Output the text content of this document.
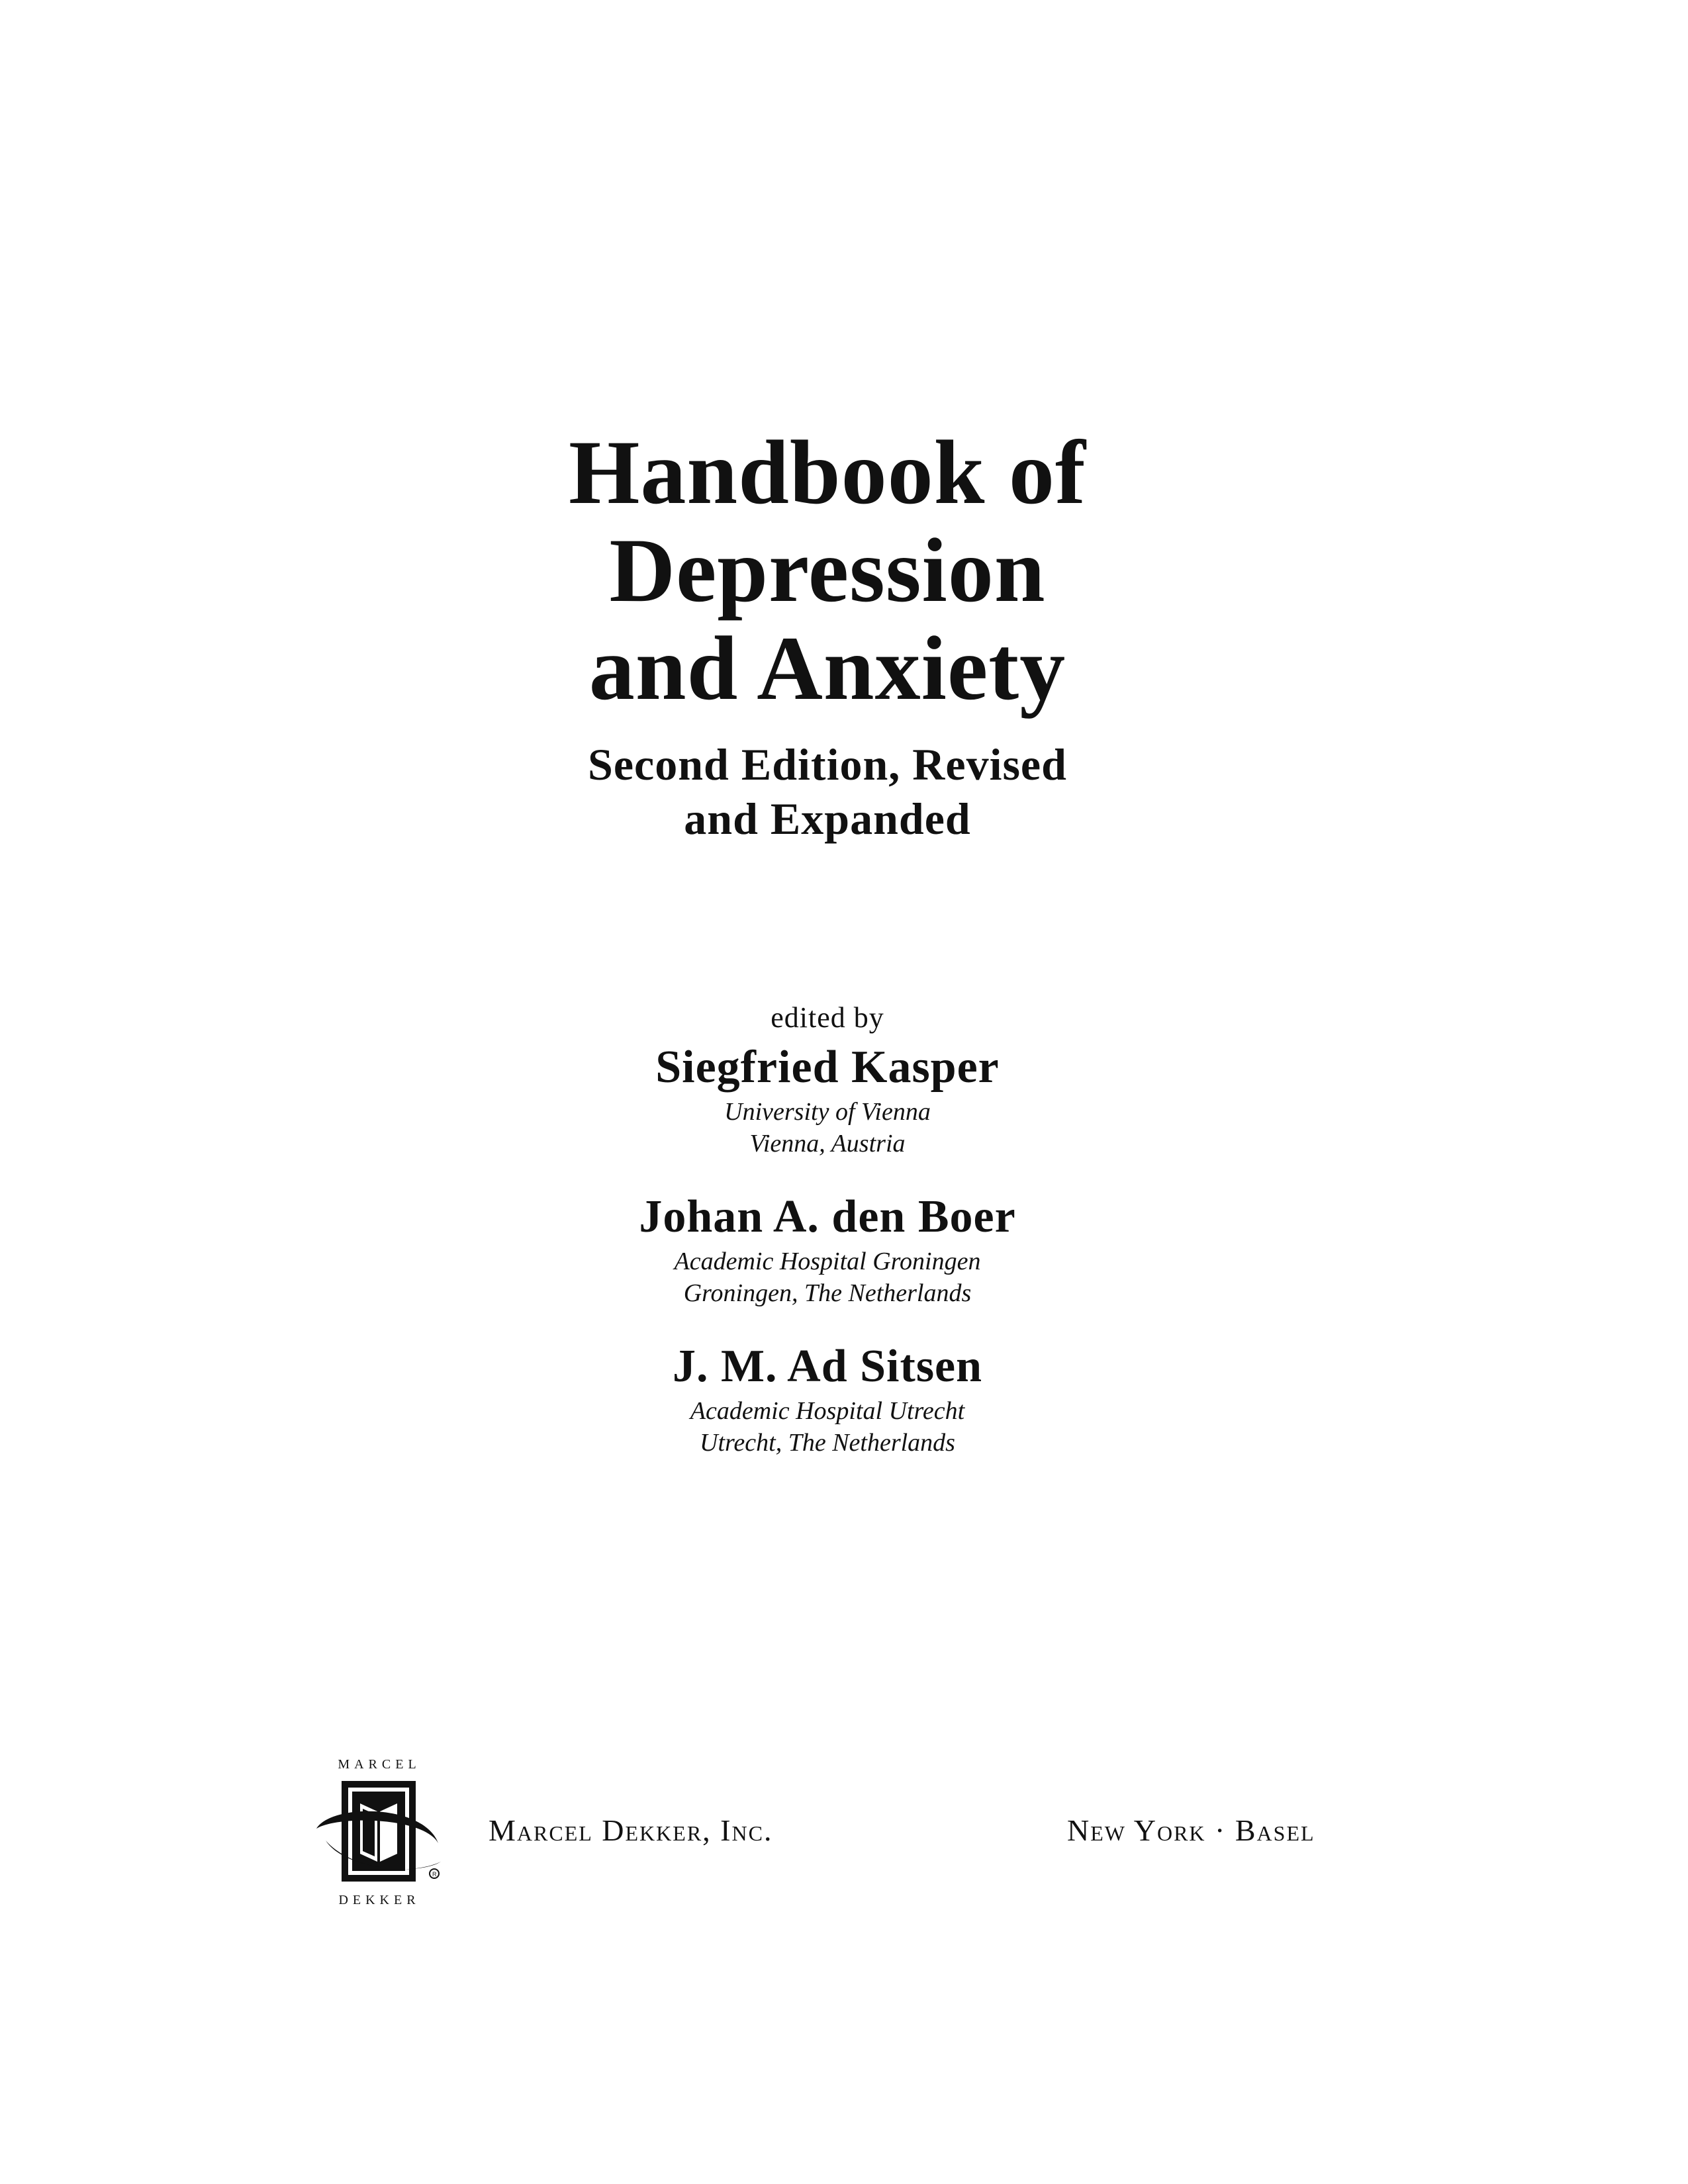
Handbook of
Depression
and Anxiety
Second Edition, Revised
and Expanded
edited by
Siegfried Kasper
University of Vienna
Vienna, Austria
Johan A. den Boer
Academic Hospital Groningen
Groningen, The Netherlands
J. M. Ad Sitsen
Academic Hospital Utrecht
Utrecht, The Netherlands
MARCEL
R
DEKKER
Marcel Dekker, Inc.	New York · Basel
